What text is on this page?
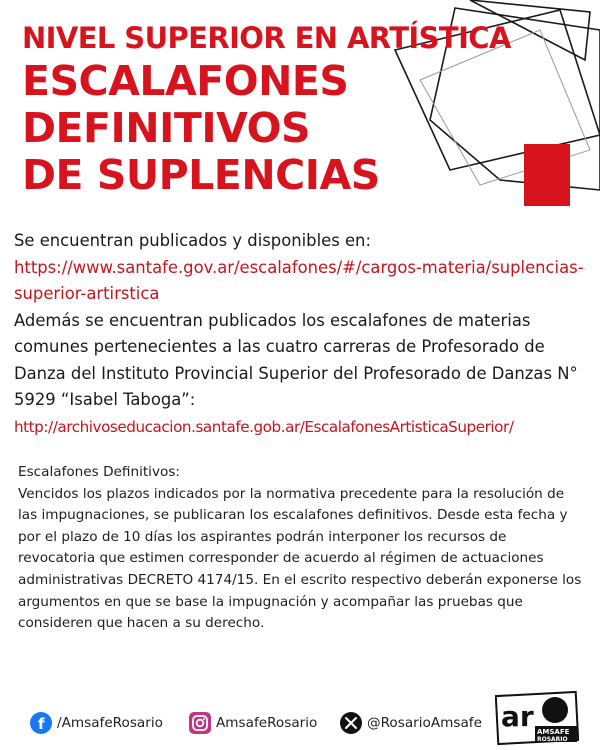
NIVEL SUPERIOR EN ARTÍSTICA
ESCALAFONES
DEFINITIVOS
DE SUPLENCIAS

Se encuentran publicados y disponibles en:

https://www.santafe.gov.ar/escalafones/#/cargos-materia/suplencias-superior-artirstica

Además se encuentran publicados los escalafones de materias comunes pertenecientes a las cuatro carreras de Profesorado de Danza del Instituto Provincial Superior del Profesorado de Danzas N° 5929 “Isabel Taboga”:

http://archivoseducacion.santafe.gob.ar/EscalafonesArtisticaSuperior/

Escalafones Definitivos:

Vencidos los plazos indicados por la normativa precedente para la resolución de las impugnaciones, se publicaran los escalafones definitivos. Desde esta fecha y por el plazo de 10 días los aspirantes podrán interponer los recursos de revocatoria que estimen corresponder de acuerdo al régimen de actuaciones administrativas DECRETO 4174/15. En el escrito respectivo deberán exponerse los argumentos en que se base la impugnación y acompañar las pruebas que consideren que hacen a su derecho.

f /AmsafeRosario	AmsafeRosario	@RosarioAmsafe ar AMSAFE
ROSARIO
